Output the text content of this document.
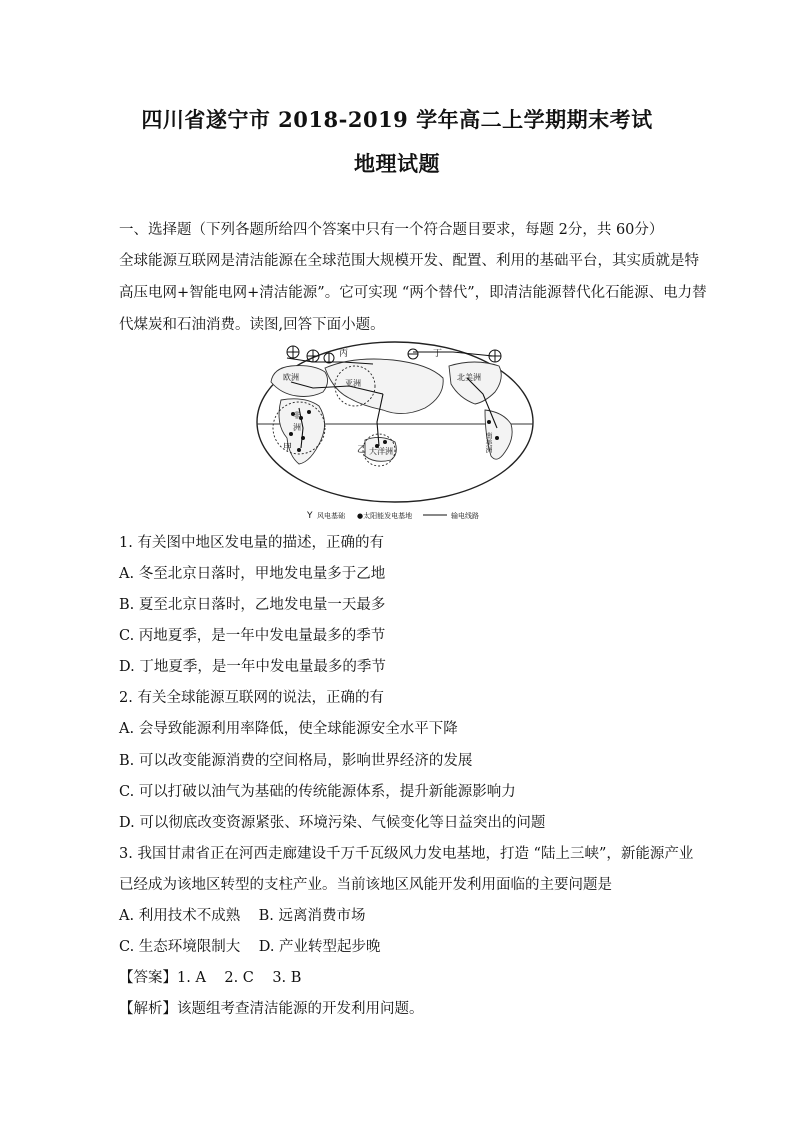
四川省遂宁市 2018-2019 学年高二上学期期末考试
地理试题
一、选择题（下列各题所给四个答案中只有一个符合题目要求，每题 2分，共 60分）
全球能源互联网是清洁能源在全球范围大规模开发、配置、利用的基础平台，其实质就是特
高压电网+智能电网+清洁能源”。它可实现 “两个替代”，即清洁能源替代化石能源、电力替
代煤炭和石油消费。读图,回答下面小题。
欧洲
亚洲
非
洲
北美洲
南美洲
大洋洲
丙	丁
甲	乙
Y 风电基础 ●太阳能发电基地	输电线路
1. 有关图中地区发电量的描述，正确的有
A. 冬至北京日落时，甲地发电量多于乙地
B. 夏至北京日落时，乙地发电量一天最多
C. 丙地夏季，是一年中发电量最多的季节
D. 丁地夏季，是一年中发电量最多的季节
2. 有关全球能源互联网的说法，正确的有
A. 会导致能源利用率降低，使全球能源安全水平下降
B. 可以改变能源消费的空间格局，影响世界经济的发展
C. 可以打破以油气为基础的传统能源体系，提升新能源影响力
D. 可以彻底改变资源紧张、环境污染、气候变化等日益突出的问题
3. 我国甘肃省正在河西走廊建设千万千瓦级风力发电基地，打造 “陆上三峡”，新能源产业
已经成为该地区转型的支柱产业。当前该地区风能开发利用面临的主要问题是
A. 利用技术不成熟    B. 远离消费市场
C. 生态环境限制大    D. 产业转型起步晚
【答案】1. A    2. C    3. B
【解析】该题组考查清洁能源的开发利用问题。
